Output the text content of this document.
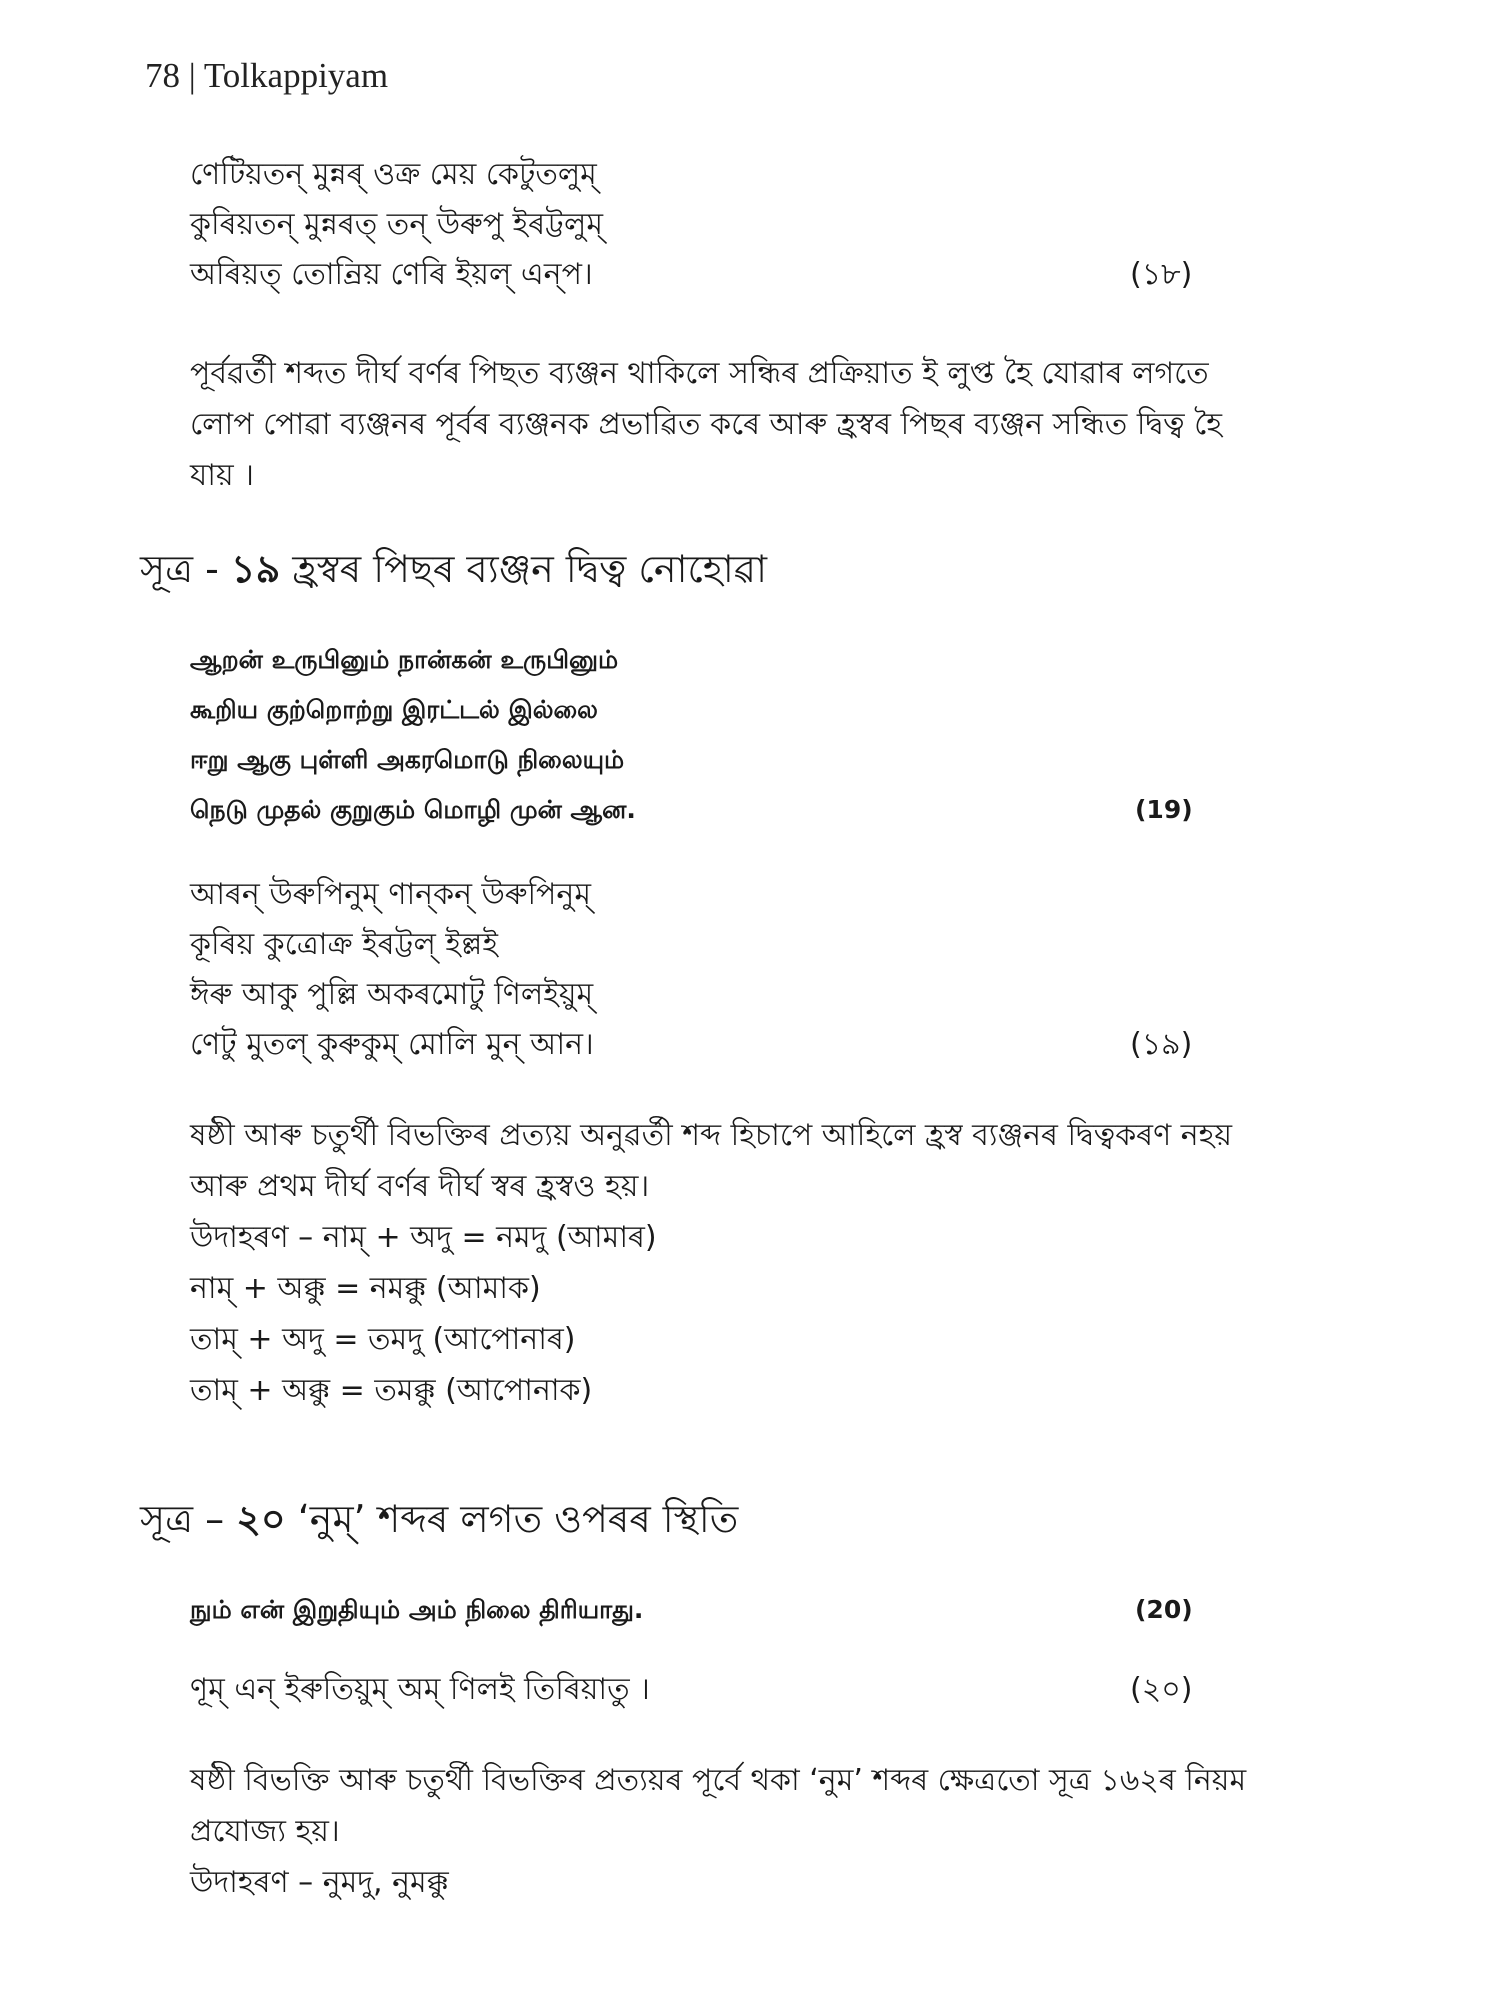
78 | Tolkappiyam
ণেটিয়তন্ মুন্নৰ্ ওক্ৰ মেয় কেটুতলুম্
কুৰিয়তন্ মুন্নৰত্ তন্ উৰুপু ইৰট্টলুম্
অৰিয়ত্ তোন্ৰিয় ণেৰি ইয়ল্ এন্প।	(১৮)
পূৰ্বৱৰ্তী শব্দত দীৰ্ঘ বৰ্ণৰ পিছত ব্যঞ্জন থাকিলে সন্ধিৰ প্ৰক্ৰিয়াত ই লুপ্ত হৈ যোৱাৰ লগতে
লোপ পোৱা ব্যঞ্জনৰ পূৰ্বৰ ব্যঞ্জনক প্ৰভাৱিত কৰে আৰু হ্ৰস্বৰ পিছৰ ব্যঞ্জন সন্ধিত দ্বিত্ব হৈ
যায় ।
সূত্ৰ - ১৯ হ্ৰস্বৰ পিছৰ ব্যঞ্জন দ্বিত্ব নোহোৱা
ஆறன் உருபினும் நான்கன் உருபினும்
கூறிய குற்றொற்று இரட்டல் இல்லை
ஈறு ஆகு புள்ளி அகரமொடு நிலையும்
நெடு முதல் குறுகும் மொழி முன் ஆன.	(19)
আৰন্ উৰুপিনুম্ ণান্কন্ উৰুপিনুম্
কূৰিয় কুত্ৰোক্ৰ ইৰট্টল্ ইল্লই
ঈৰু আকু পুল্লি অকৰমোটু ণিলইয়ুম্
ণেটু মুতল্ কুৰুকুম্ মোলি মুন্ আন।	(১৯)
ষষ্ঠী আৰু চতুৰ্থী বিভক্তিৰ প্ৰত্যয় অনুৱৰ্তী শব্দ হিচাপে আহিলে হ্ৰস্ব ব্যঞ্জনৰ দ্বিত্বকৰণ নহয়
আৰু প্ৰথম দীৰ্ঘ বৰ্ণৰ দীৰ্ঘ স্বৰ হ্ৰস্বও হয়।
উদাহৰণ – নাম্ + অদু = নমদু (আমাৰ)
নাম্ + অক্কু = নমক্কু (আমাক)
তাম্ + অদু = তমদু (আপোনাৰ)
তাম্ + অক্কু = তমক্কু (আপোনাক)
সূত্ৰ – ২০ ‘নুম্’ শব্দৰ লগত ওপৰৰ স্থিতি
நும் என் இறுதியும் அம் நிலை திரியாது.	(20)
ণূম্ এন্ ইৰুতিয়ুম্ অম্ ণিলই তিৰিয়াতু ।	(২০)
ষষ্ঠী বিভক্তি আৰু চতুৰ্থী বিভক্তিৰ প্ৰত্যয়ৰ পূৰ্বে থকা ‘নুম’ শব্দৰ ক্ষেত্ৰতো সূত্ৰ ১৬২ৰ নিয়ম
প্ৰযোজ্য হয়।
উদাহৰণ – নুমদু, নুমক্কু
